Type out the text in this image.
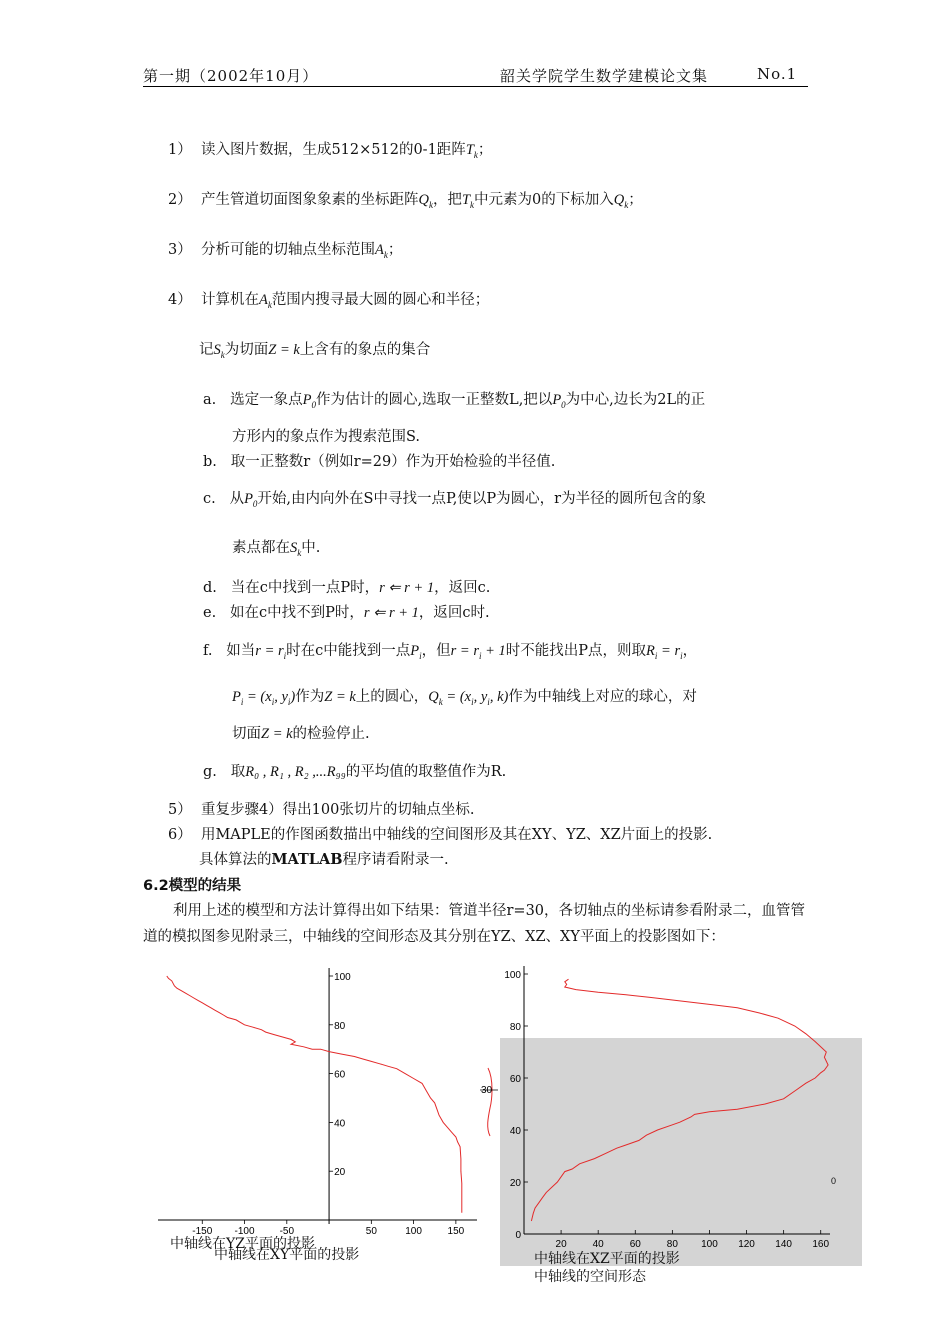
第一期（2002年10月）	韶关学院学生数学建模论文集	No.1
1） 读入图片数据，生成512×512的0-1距阵$T_k$；
2） 产生管道切面图象象素的坐标距阵$Q_k$，把$T_k$中元素为0的下标加入$Q_k$；
3） 分析可能的切轴点坐标范围$A_k$；
4） 计算机在$A_k$范围内搜寻最大圆的圆心和半径；
记$S_k$为切面Z = k上含有的象点的集合
a. 选定一象点$P_0$作为估计的圆心,选取一正整数L,把以$P_0$为中心,边长为2L的正
方形内的象点作为搜索范围S.
b. 取一正整数r（例如r=29）作为开始检验的半径值.
c. 从$P_0$开始,由内向外在S中寻找一点P,使以P为圆心，r为半径的圆所包含的象
素点都在$S_k$中.
d. 当在c中找到一点P时，r ⇐ r + 1，返回c.
e. 如在c中找不到P时，r ⇐ r + 1，返回c时.
f. 如当$r = r_i$时在c中能找到一点$P_i$，但$r = r_i + 1$时不能找出P点，则取$R_i = r_i$，
$P_i = (x_i$, $y_i$)作为Z = k上的圆心，$Q_k = (x_i$, $y_i$, k)作为中轴线上对应的球心，对
切面Z = k的检验停止.
g. 取R₀ , R₁ , R₂ ,...R₉₉的平均值的取整值作为R.
5） 重复步骤4）得出100张切片的切轴点坐标.
6） 用MAPLE的作图函数描出中轴线的空间图形及其在XY、YZ、XZ片面上的投影.
具体算法的MATLAB程序请看附录一.
6.2模型的结果
利用上述的模型和方法计算得出如下结果：管道半径r=30，各切轴点的坐标请参看附录二，血管管道的模拟图参见附录三，中轴线的空间形态及其分别在YZ、XZ、XY平面上的投影图如下：
-150 -100	-50	50	100	150
20
40
60
80
100
20	40	60	80 100 120 140 160
0
20
40
60
80
100
30
0
中轴线在YZ平面的投影
中轴线在XY平面的投影	中轴线在XZ平面的投影
中轴线的空间形态
